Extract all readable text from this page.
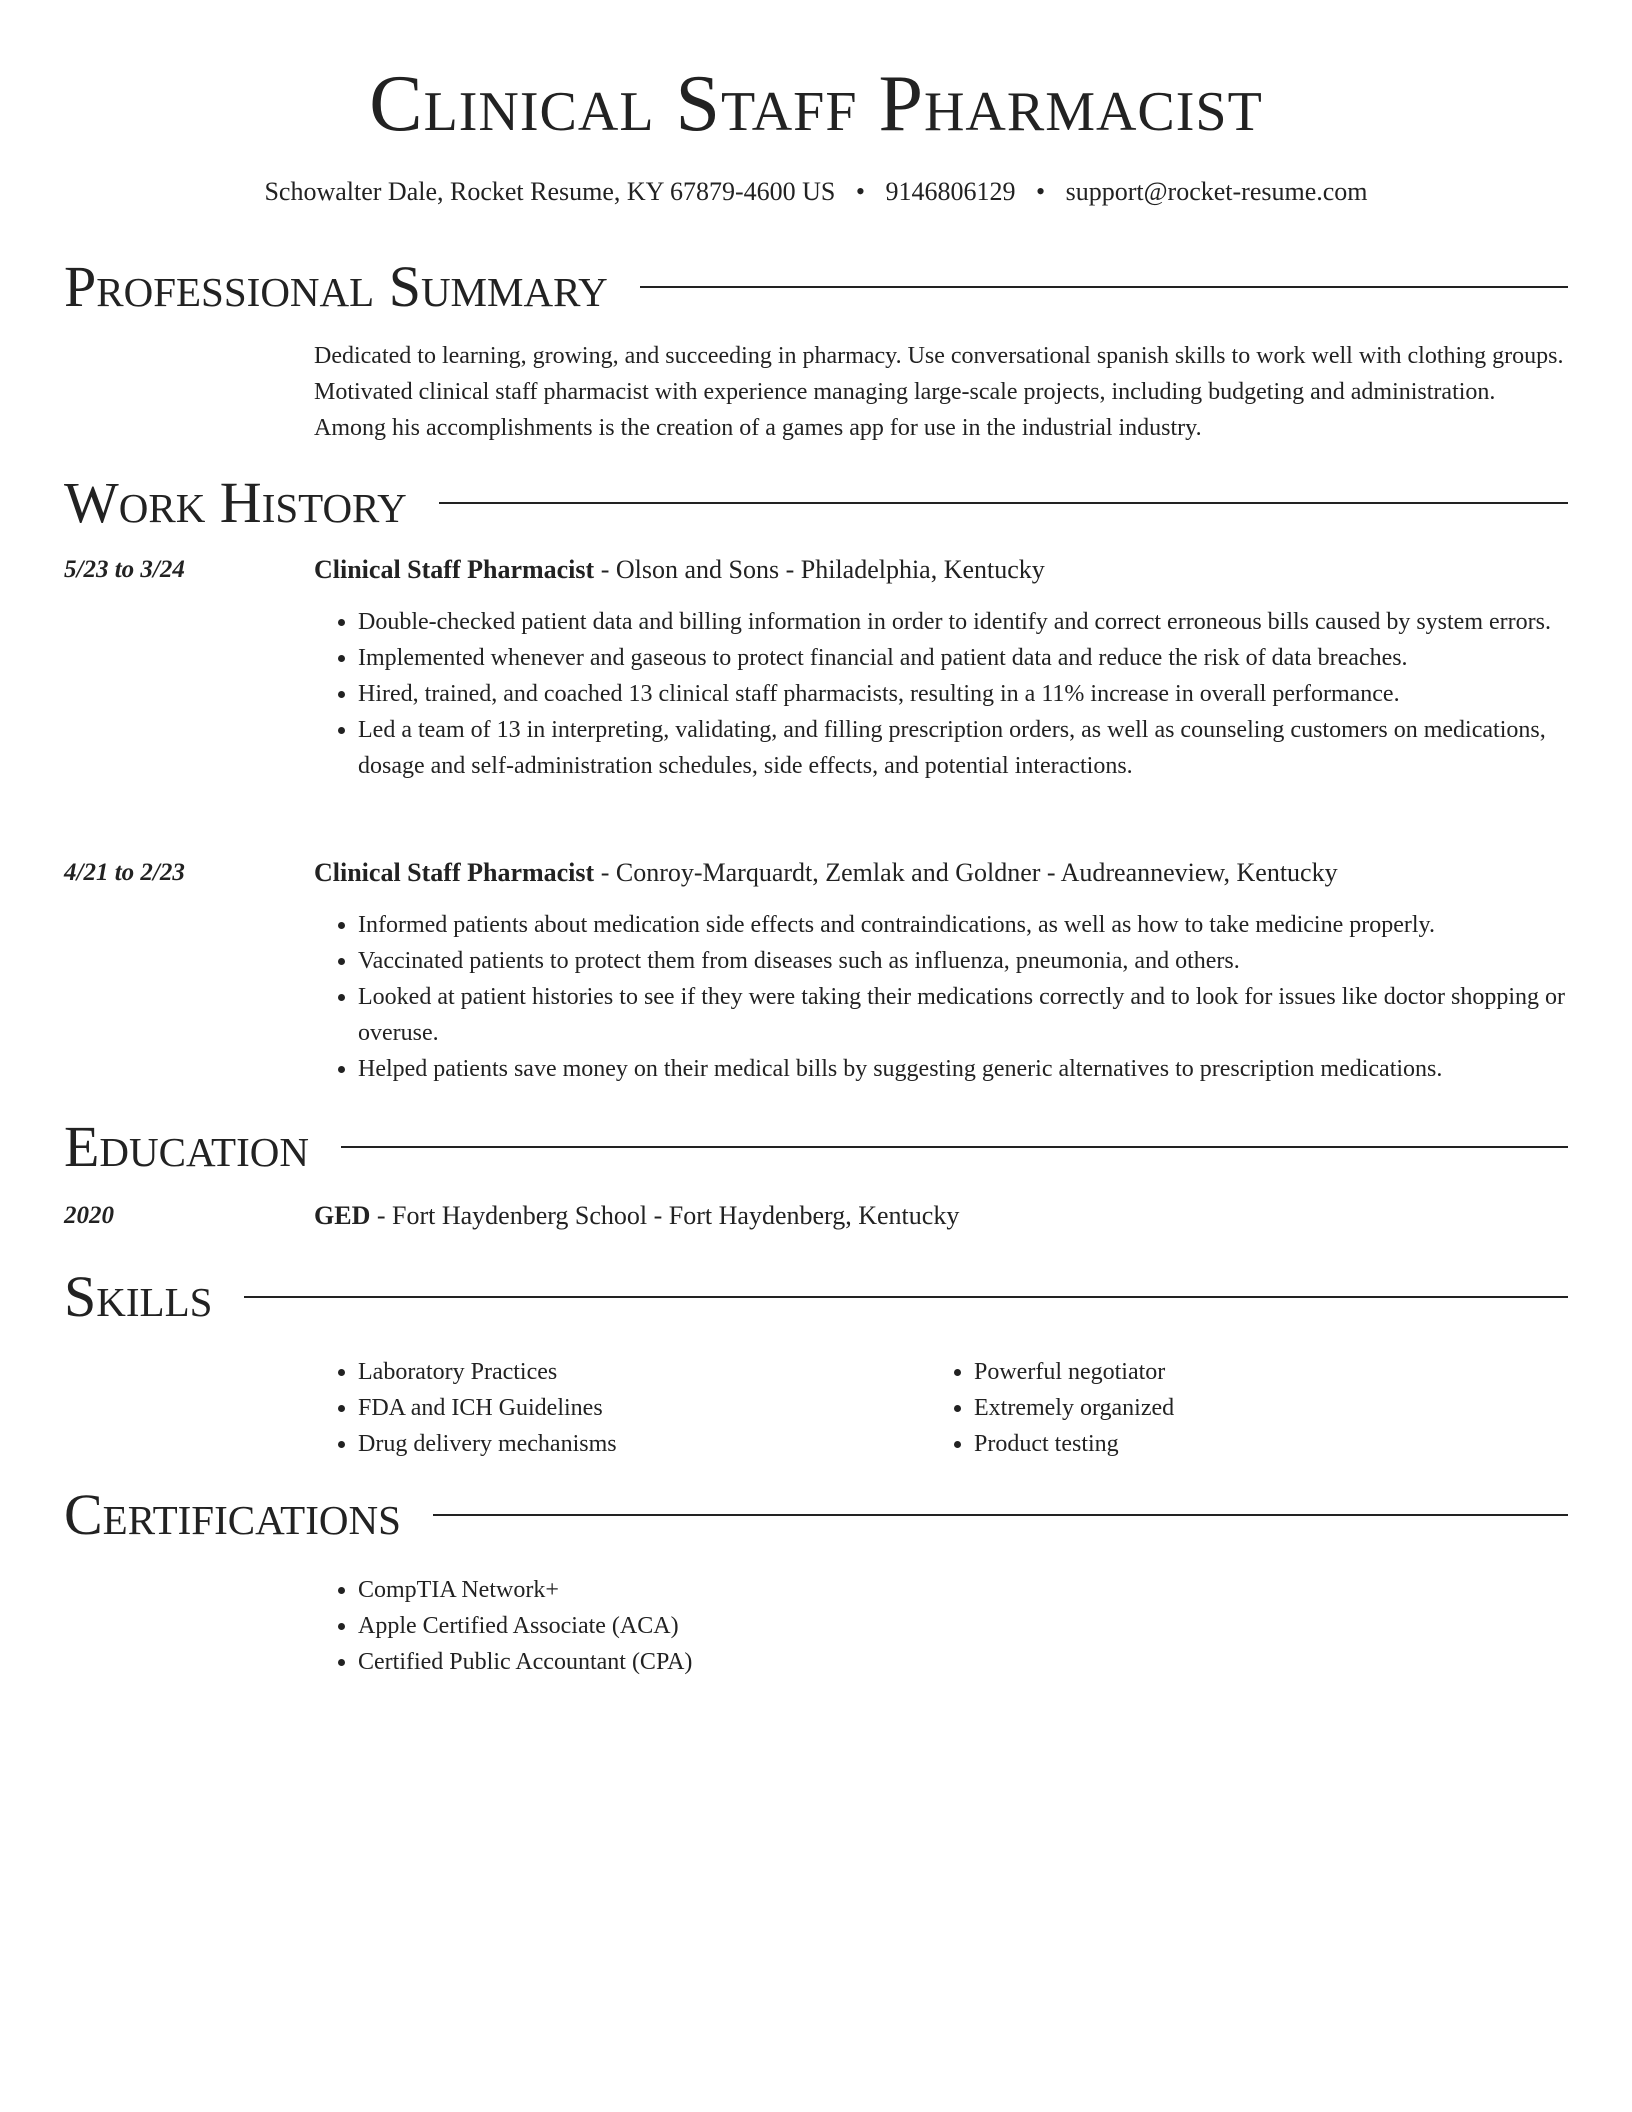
Clinical Staff Pharmacist
Schowalter Dale, Rocket Resume, KY 67879-4600 US • 9146806129 • support@rocket-resume.com
Professional Summary

Dedicated to learning, growing, and succeeding in pharmacy. Use conversational spanish skills to work well with clothing groups. Motivated clinical staff pharmacist with experience managing large-scale projects, including budgeting and administration. Among his accomplishments is the creation of a games app for use in the industrial industry.

Work History
5/23 to 3/24	Clinical Staff Pharmacist - Olson and Sons - Philadelphia, Kentucky
• Double-checked patient data and billing information in order to identify and correct erroneous bills caused by system errors.
• Implemented whenever and gaseous to protect financial and patient data and reduce the risk of data breaches.
• Hired, trained, and coached 13 clinical staff pharmacists, resulting in a 11% increase in overall performance.
• Led a team of 13 in interpreting, validating, and filling prescription orders, as well as counseling customers on medications, dosage and self-administration schedules, side effects, and potential interactions.
4/21 to 2/23	Clinical Staff Pharmacist - Conroy-Marquardt, Zemlak and Goldner - Audreanneview, Kentucky
• Informed patients about medication side effects and contraindications, as well as how to take medicine properly.
• Vaccinated patients to protect them from diseases such as influenza, pneumonia, and others.
• Looked at patient histories to see if they were taking their medications correctly and to look for issues like doctor shopping or overuse.
• Helped patients save money on their medical bills by suggesting generic alternatives to prescription medications.
Education
2020	GED - Fort Haydenberg School - Fort Haydenberg, Kentucky
Skills
• Laboratory Practices
• FDA and ICH Guidelines
• Drug delivery mechanisms
• Powerful negotiator
• Extremely organized
• Product testing
Certifications
• CompTIA Network+
• Apple Certified Associate (ACA)
• Certified Public Accountant (CPA)
